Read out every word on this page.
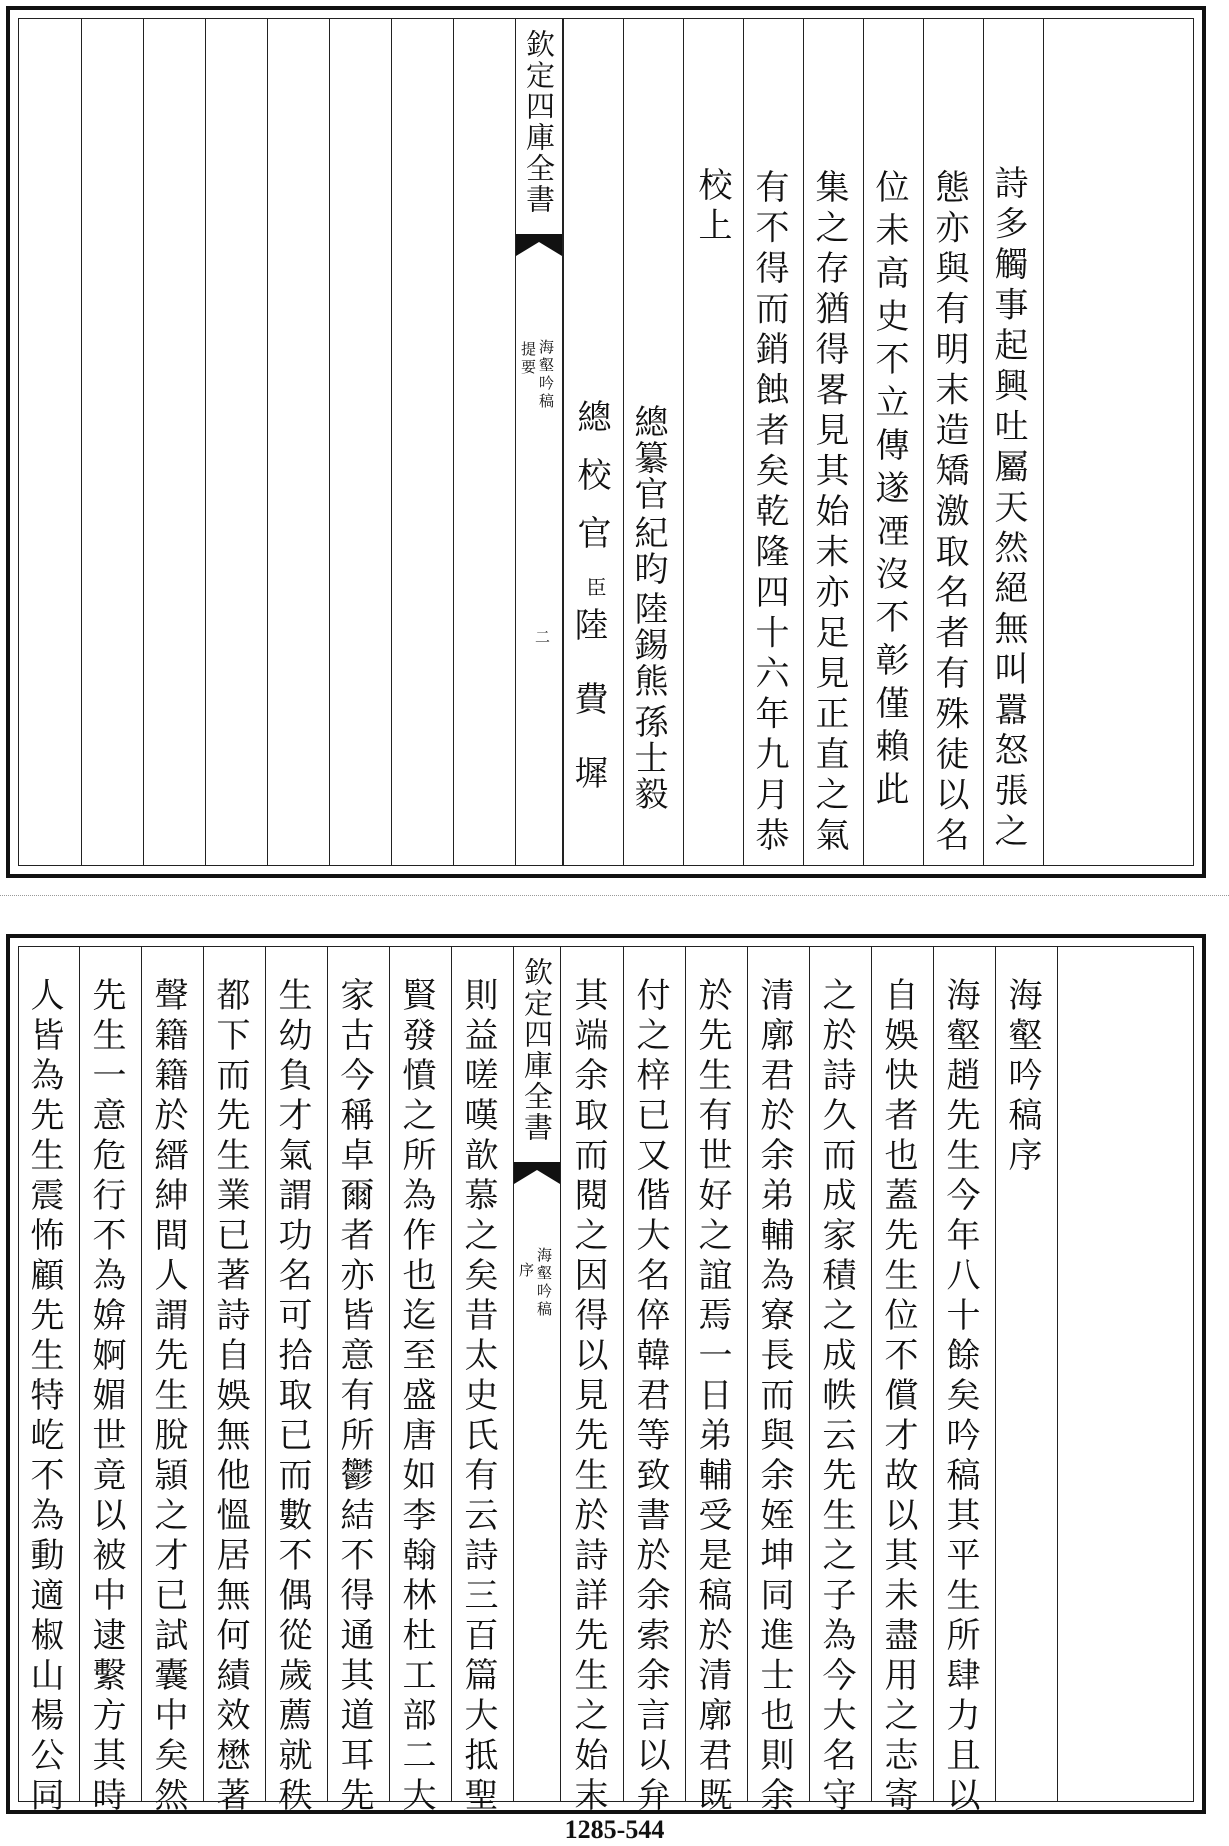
欽定四庫全書
海壑吟稿
提要
二
總校官
臣
陸費墀
總纂官
紀昀
陸錫熊
孫士毅
校上 有不得而銷蝕者矣乾隆四十六年九月恭 集之存猶得畧見其始末亦足見正直之氣 位未高史不立傳遂凐沒不彰僅賴此 態亦與有明末造矯激取名者有殊徒以名 詩多觸事起興吐屬天然絕無叫囂怒張之
人皆為先生震怖顧先生特屹不為動適椒山楊公同 先生一意危行不為媕婀媚世竟以被中逮繫方其時 聲籍籍於縉紳間人謂先生脫頴之才已試囊中矣然 都下而先生業已著詩自娛無他慍居無何績效懋著 生幼負才氣謂功名可拾取已而數不偶從歲薦就秩 家古今稱卓爾者亦皆意有所鬱結不得通其道耳先 賢發憤之所為作也迄至盛唐如李翰林杜工部二大 則益嗟嘆歆慕之矣昔太史氏有云詩三百篇大抵聖 欽定四庫全書
海壑吟稿
序 其端余取而閱之因得以見先生於詩詳先生之始末 付之梓已又偕大名倅韓君等致書於余索余言以弁 於先生有世好之誼焉一日弟輔受是稿於清廓君既 清廓君於余弟輔為寮長而與余姪坤同進士也則余 之於詩久而成家積之成帙云先生之子為今大名守 自娛快者也蓋先生位不償才故以其未盡用之志寄 海壑趙先生今年八十餘矣吟稿其平生所肆力且以 海壑吟稿序
1285-544
